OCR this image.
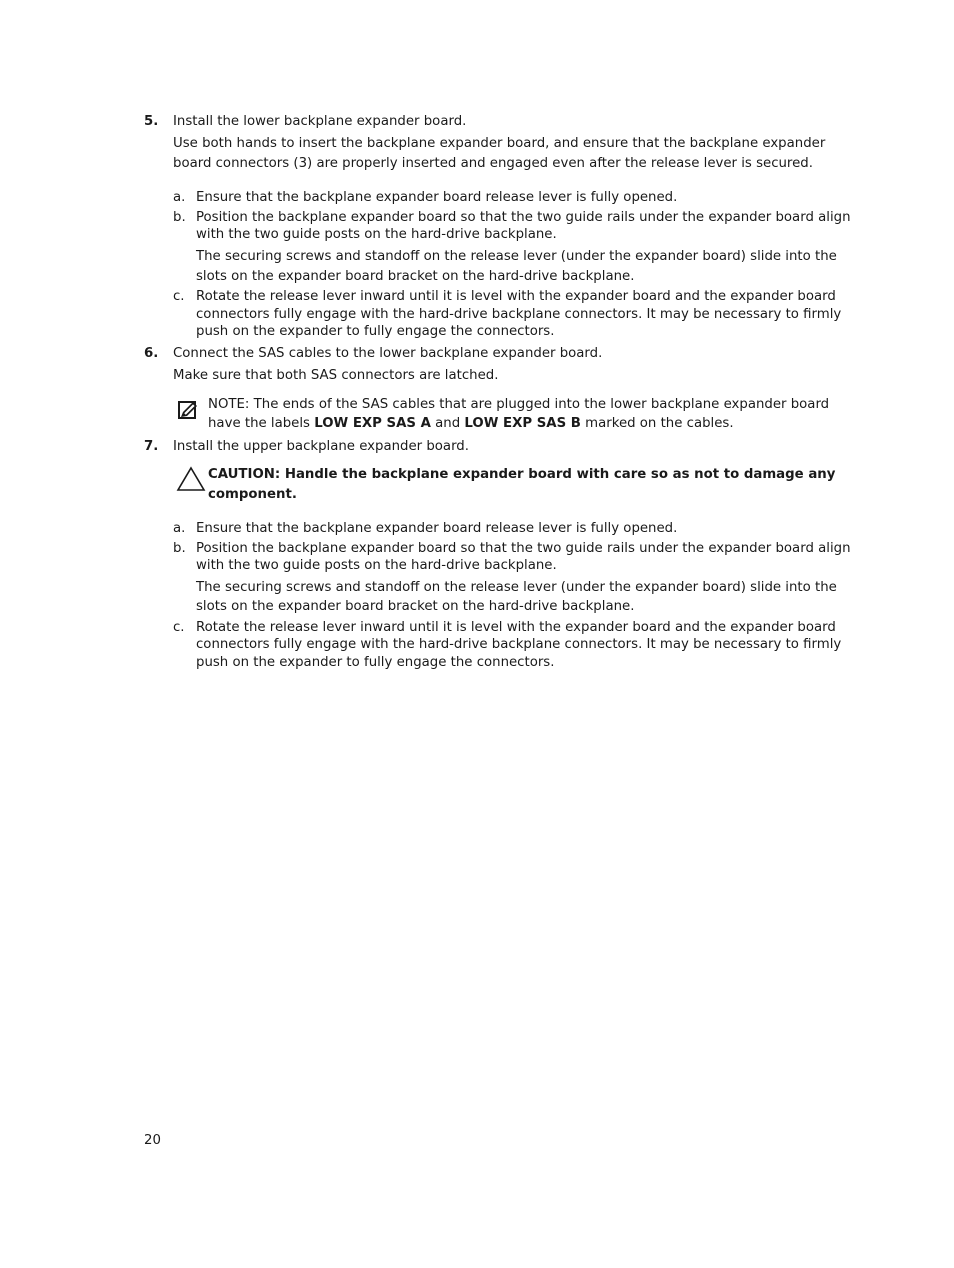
5. Install the lower backplane expander board.
Use both hands to insert the backplane expander board, and ensure that the backplane expander
board connectors (3) are properly inserted and engaged even after the release lever is secured.
a. Ensure that the backplane expander board release lever is fully opened.
b. Position the backplane expander board so that the two guide rails under the expander board align
with the two guide posts on the hard-drive backplane.
The securing screws and standoff on the release lever (under the expander board) slide into the
slots on the expander board bracket on the hard-drive backplane.
c. Rotate the release lever inward until it is level with the expander board and the expander board
connectors fully engage with the hard-drive backplane connectors. It may be necessary to firmly
push on the expander to fully engage the connectors.
6. Connect the SAS cables to the lower backplane expander board.
Make sure that both SAS connectors are latched.
NOTE: The ends of the SAS cables that are plugged into the lower backplane expander board
have the labels LOW EXP SAS A and LOW EXP SAS B marked on the cables.
7. Install the upper backplane expander board.
CAUTION: Handle the backplane expander board with care so as not to damage any
component.
a. Ensure that the backplane expander board release lever is fully opened.
b. Position the backplane expander board so that the two guide rails under the expander board align
with the two guide posts on the hard-drive backplane.
The securing screws and standoff on the release lever (under the expander board) slide into the
slots on the expander board bracket on the hard-drive backplane.
c. Rotate the release lever inward until it is level with the expander board and the expander board
connectors fully engage with the hard-drive backplane connectors. It may be necessary to firmly
push on the expander to fully engage the connectors.
20
